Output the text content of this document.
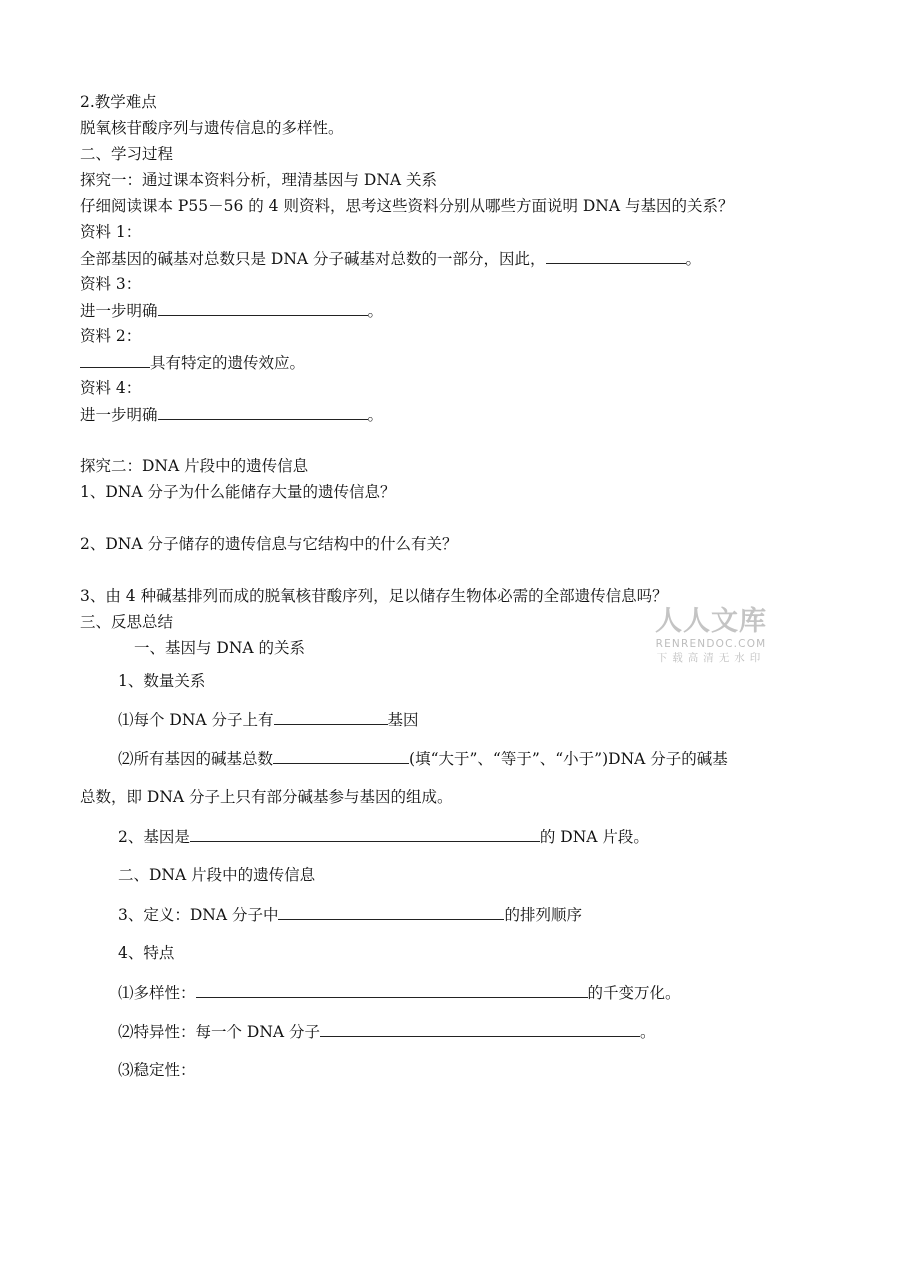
2.教学难点
脱氧核苷酸序列与遗传信息的多样性。
二、学习过程
探究一：通过课本资料分析，理清基因与 DNA 关系
仔细阅读课本 P55－56 的 4 则资料，思考这些资料分别从哪些方面说明 DNA 与基因的关系？
资料 1：
全部基因的碱基对总数只是 DNA 分子碱基对总数的一部分，因此，	。
资料 3：
进一步明确	。
资料 2：
具有特定的遗传效应。
资料 4：
进一步明确	。
探究二：DNA 片段中的遗传信息
1、DNA 分子为什么能储存大量的遗传信息？
2、DNA 分子储存的遗传信息与它结构中的什么有关？
3、由 4 种碱基排列而成的脱氧核苷酸序列，足以储存生物体必需的全部遗传信息吗？
三、反思总结
一、基因与 DNA 的关系
1、数量关系
⑴每个 DNA 分子上有	基因
⑵所有基因的碱基总数	(填“大于”、“等于”、“小于”)DNA 分子的碱基
总数，即 DNA 分子上只有部分碱基参与基因的组成。
2、基因是	的 DNA 片段。
二、DNA 片段中的遗传信息
3、定义：DNA 分子中	的排列顺序
4、特点
⑴多样性：	的千变万化。
⑵特异性：每一个 DNA 分子	。
⑶稳定性：
人人文库
RENRENDOC.COM
下载高清无水印
